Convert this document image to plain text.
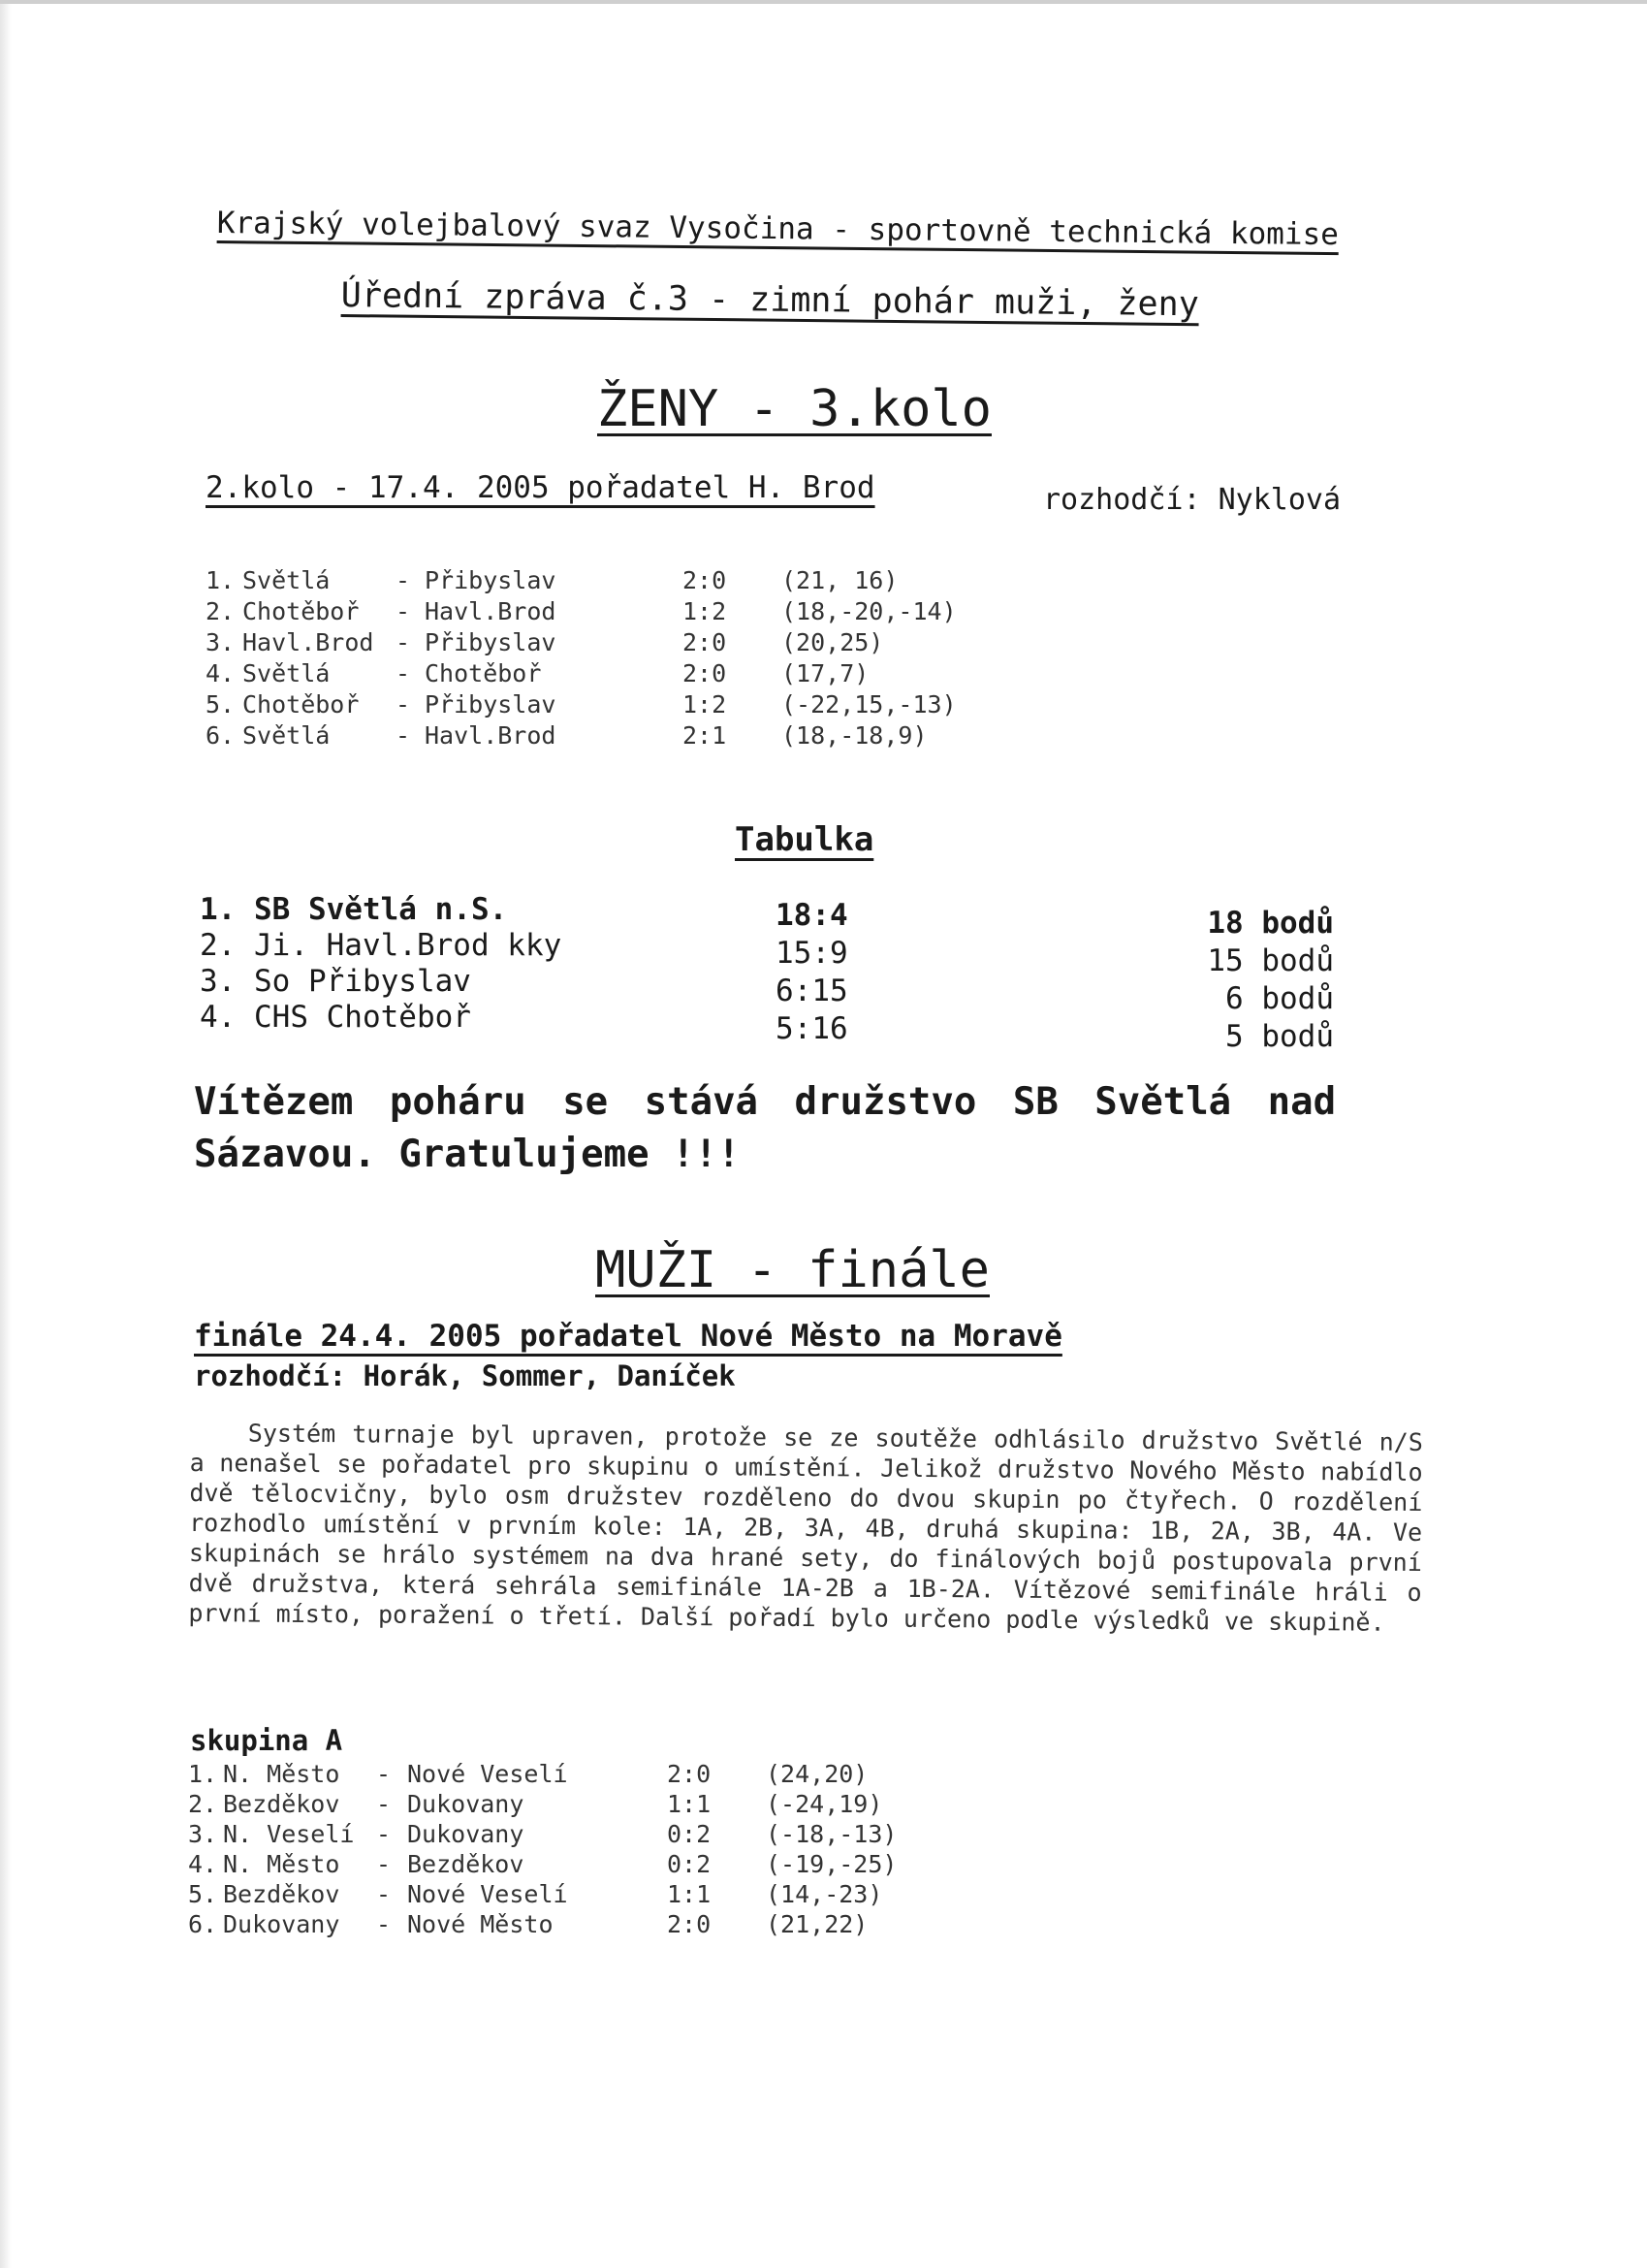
Krajský volejbalový svaz Vysočina - sportovně technická komise
Úřední zpráva č.3 - zimní pohár muži, ženy
ŽENY - 3.kolo
2.kolo - 17.4. 2005 pořadatel H. Brod	rozhodčí: Nyklová
1. Světlá	- Přibyslav	2:0 (21, 16)
2. Chotěboř - Havl.Brod	1:2 (18,-20,-14)
3. Havl.Brod - Přibyslav	2:0 (20,25)
4. Světlá	- Chotěboř	2:0 (17,7)
5. Chotěboř - Přibyslav	1:2 (-22,15,-13)
6. Světlá	- Havl.Brod	2:1 (18,-18,9)
Tabulka
1. SB Světlá n.S.	18:4	18 bodů
2. Ji. Havl.Brod kky	15:9	15 bodů
3. So Přibyslav	6:15	6 bodů
4. CHS Chotěboř	5:16	5 bodů
Vítězem poháru se stává družstvo SB Světlá nad
Sázavou. Gratulujeme !!!
MUŽI - finále
finále 24.4. 2005 pořadatel Nové Město na Moravě
rozhodčí: Horák, Sommer, Daníček

Systém turnaje byl upraven, protože se ze soutěže odhlásilo družstvo Světlé n/S a nenašel se pořadatel pro skupinu o umístění. Jelikož družstvo Nového Město nabídlo dvě tělocvičny, bylo osm družstev rozděleno do dvou skupin po čtyřech. O rozdělení rozhodlo umístění v prvním kole: 1A, 2B, 3A, 4B, druhá skupina: 1B, 2A, 3B, 4A. Ve skupinách se hrálo systémem na dva hrané sety, do finálových bojů postupovala první dvě družstva, která sehrála semifinále 1A-2B a 1B-2A. Vítězové semifinále hráli o první místo, poražení o třetí. Další pořadí bylo určeno podle výsledků ve skupině.

skupina A
1. N. Město - Nové Veselí	2:0 (24,20)
2. Bezděkov - Dukovany	1:1 (-24,19)
3. N. Veselí - Dukovany	0:2 (-18,-13)
4. N. Město - Bezděkov	0:2 (-19,-25)
5. Bezděkov - Nové Veselí	1:1 (14,-23)
6. Dukovany - Nové Město	2:0 (21,22)
